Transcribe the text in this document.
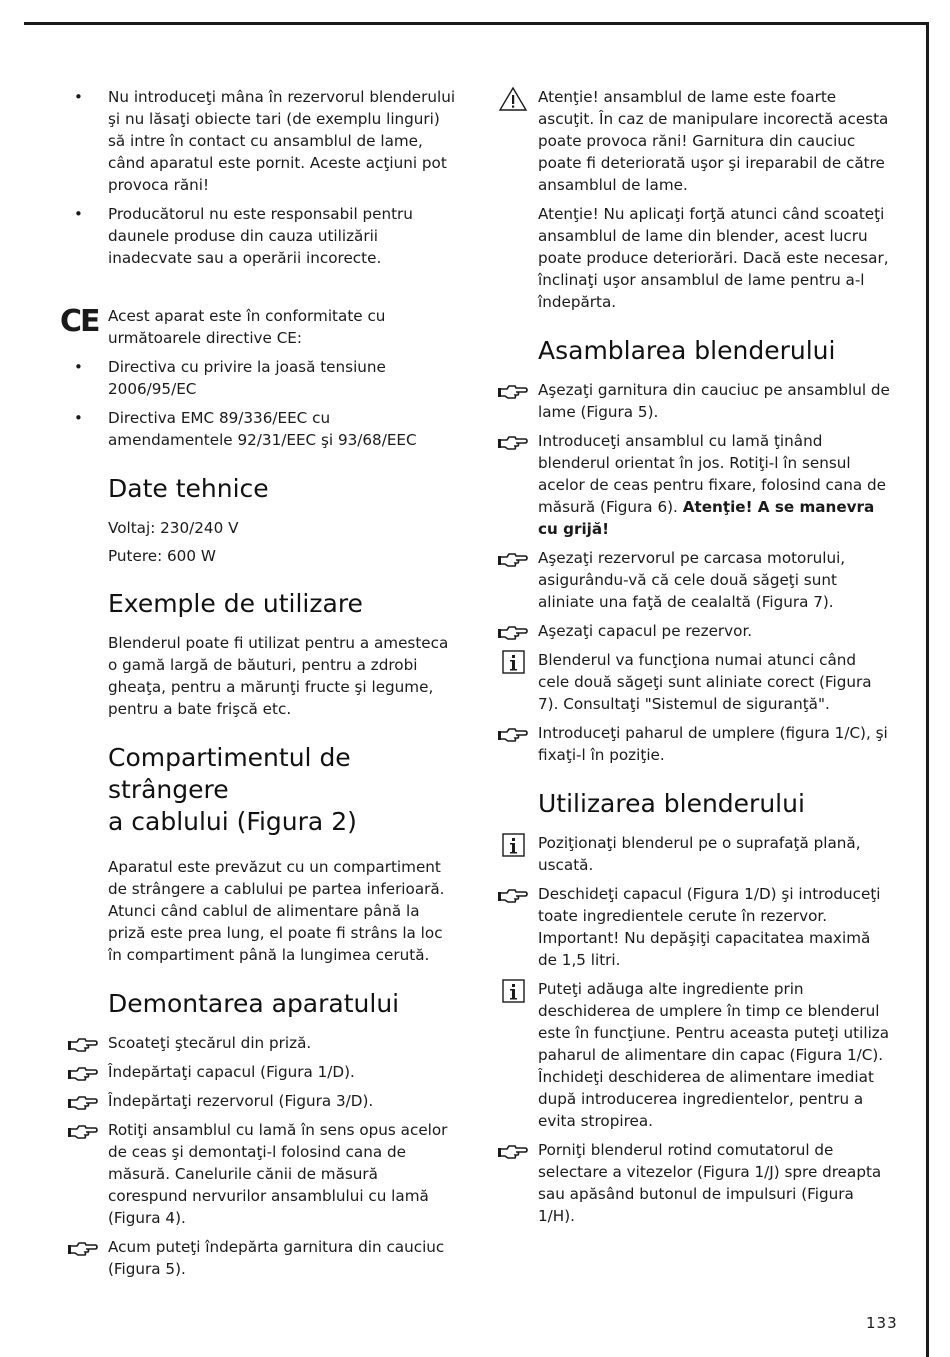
• Nu introduceţi mâna în rezervorul blenderului şi nu lăsaţi obiecte tari (de exemplu linguri) să intre în contact cu ansamblul de lame, când aparatul este pornit. Aceste acţiuni pot provoca răni!

• Producătorul nu este responsabil pentru daunele produse din cauza utilizării inadecvate sau a operării incorecte.

CE Acest aparat este în conformitate cu următoarele directive CE:

• Directiva cu privire la joasă tensiune 2006/95/EC

• Directiva EMC 89/336/EEC cu amendamentele 92/31/EEC şi 93/68/EEC

Date tehnice

Voltaj: 230/240 V

Putere: 600 W

Exemple de utilizare

Blenderul poate fi utilizat pentru a amesteca o gamă largă de băuturi, pentru a zdrobi gheaţa, pentru a mărunţi fructe şi legume, pentru a bate frişcă etc.

Compartimentul de strângere
a cablului (Figura 2)

Aparatul este prevăzut cu un compartiment de strângere a cablului pe partea inferioară. Atunci când cablul de alimentare până la priză este prea lung, el poate fi strâns la loc în compartiment până la lungimea cerută.

Demontarea aparatului

Scoateţi ştecărul din priză.

Îndepărtaţi capacul (Figura 1/D).

Îndepărtaţi rezervorul (Figura 3/D).

Rotiţi ansamblul cu lamă în sens opus acelor de ceas şi demontaţi-l folosind cana de măsură. Canelurile cănii de măsură corespund nervurilor ansamblului cu lamă (Figura 4).

Acum puteţi îndepărta garnitura din cauciuc (Figura 5).

Atenţie! ansamblul de lame este foarte ascuţit. În caz de manipulare incorectă acesta poate provoca răni! Garnitura din cauciuc poate fi deteriorată uşor şi ireparabil de către ansamblul de lame.

Atenţie! Nu aplicaţi forţă atunci când scoateţi ansamblul de lame din blender, acest lucru poate produce deteriorări. Dacă este necesar, înclinaţi uşor ansamblul de lame pentru a-l îndepărta.

Asamblarea blenderului

Aşezaţi garnitura din cauciuc pe ansamblul de lame (Figura 5).

Introduceţi ansamblul cu lamă ţinând blenderul orientat în jos. Rotiţi-l în sensul acelor de ceas pentru fixare, folosind cana de măsură (Figura 6). Atenţie! A se manevra cu grijă!

Aşezaţi rezervorul pe carcasa motorului, asigurându-vă că cele două săgeţi sunt aliniate una faţă de cealaltă (Figura 7).

Aşezaţi capacul pe rezervor.

Blenderul va funcţiona numai atunci când cele două săgeţi sunt aliniate corect (Figura 7). Consultaţi "Sistemul de siguranţă".

Introduceţi paharul de umplere (figura 1/C), şi fixaţi-l în poziţie.

Utilizarea blenderului

Poziţionaţi blenderul pe o suprafaţă plană, uscată.

Deschideţi capacul (Figura 1/D) şi introduceţi toate ingredientele cerute în rezervor. Important! Nu depăşiţi capacitatea maximă de 1,5 litri.

Puteţi adăuga alte ingrediente prin deschiderea de umplere în timp ce blenderul este în funcţiune. Pentru aceasta puteţi utiliza paharul de alimentare din capac (Figura 1/C). Închideţi deschiderea de alimentare imediat după introducerea ingredientelor, pentru a evita stropirea.

Porniţi blenderul rotind comutatorul de selectare a vitezelor (Figura 1/J) spre dreapta sau apăsând butonul de impulsuri (Figura 1/H).

133
